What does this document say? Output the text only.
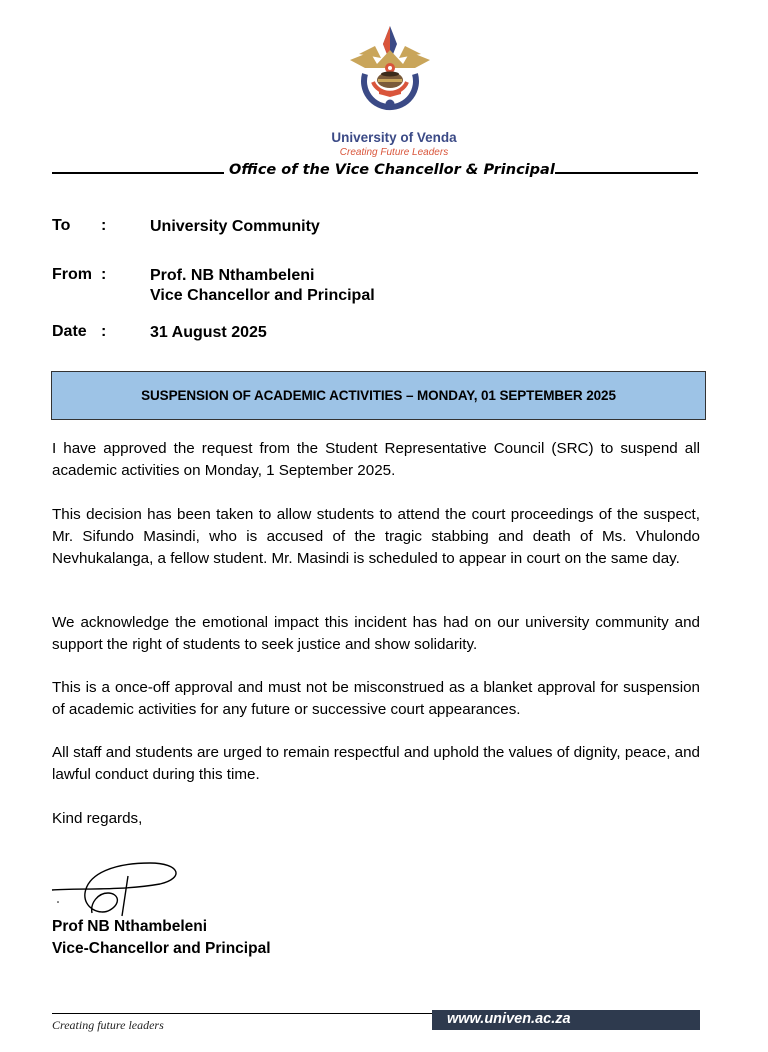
University of Venda
Creating Future Leaders
Office of the Vice Chancellor & Principal
To :	University Community
From :	Prof. NB Nthambeleni
Vice Chancellor and Principal
Date :	31 August 2025
SUSPENSION OF ACADEMIC ACTIVITIES – MONDAY, 01 SEPTEMBER 2025
I have approved the request from the Student Representative Council (SRC) to suspend all academic activities on Monday, 1 September 2025.
This decision has been taken to allow students to attend the court proceedings of the suspect, Mr. Sifundo Masindi, who is accused of the tragic stabbing and death of Ms. Vhulondo Nevhukalanga, a fellow student. Mr. Masindi is scheduled to appear in court on the same day.
We acknowledge the emotional impact this incident has had on our university community and support the right of students to seek justice and show solidarity.
This is a once-off approval and must not be misconstrued as a blanket approval for suspension of academic activities for any future or successive court appearances.
All staff and students are urged to remain respectful and uphold the values of dignity, peace, and lawful conduct during this time.
Kind regards,
Prof NB Nthambeleni
Vice-Chancellor and Principal
Creating future leaders	www.univen.ac.za
